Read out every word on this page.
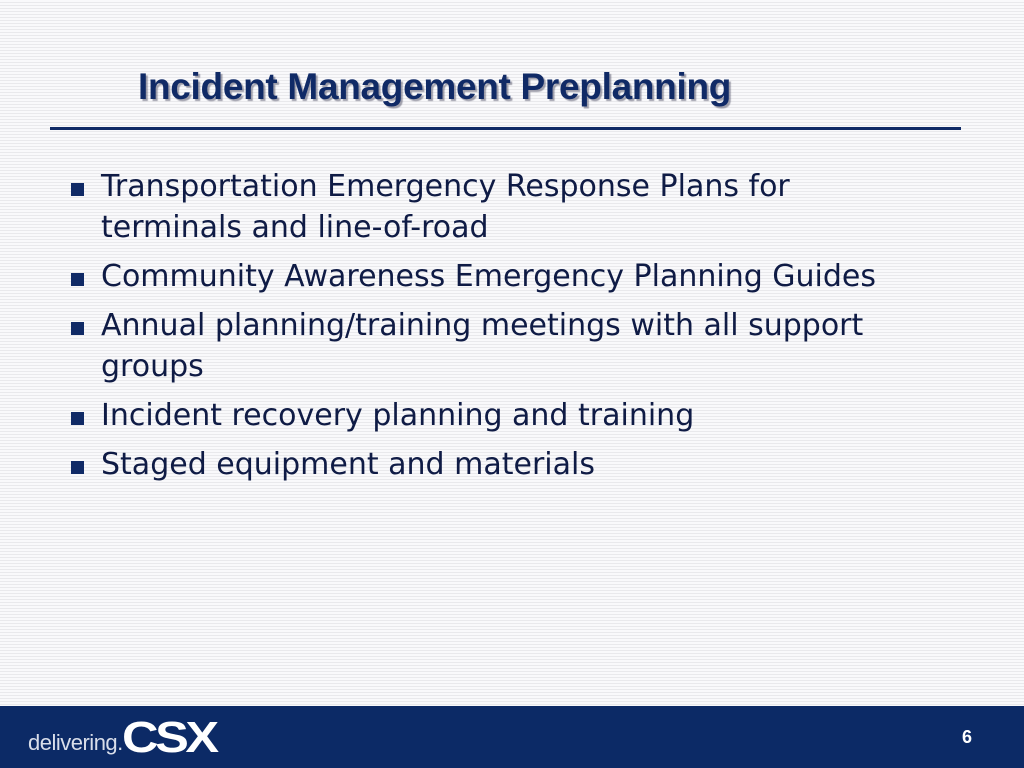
Incident Management Preplanning
Transportation Emergency Response Plans for terminals and line-of-road
Community Awareness Emergency Planning Guides
Annual planning/training meetings with all support groups
Incident recovery planning and training
Staged equipment and materials
delivering. CSX	6
